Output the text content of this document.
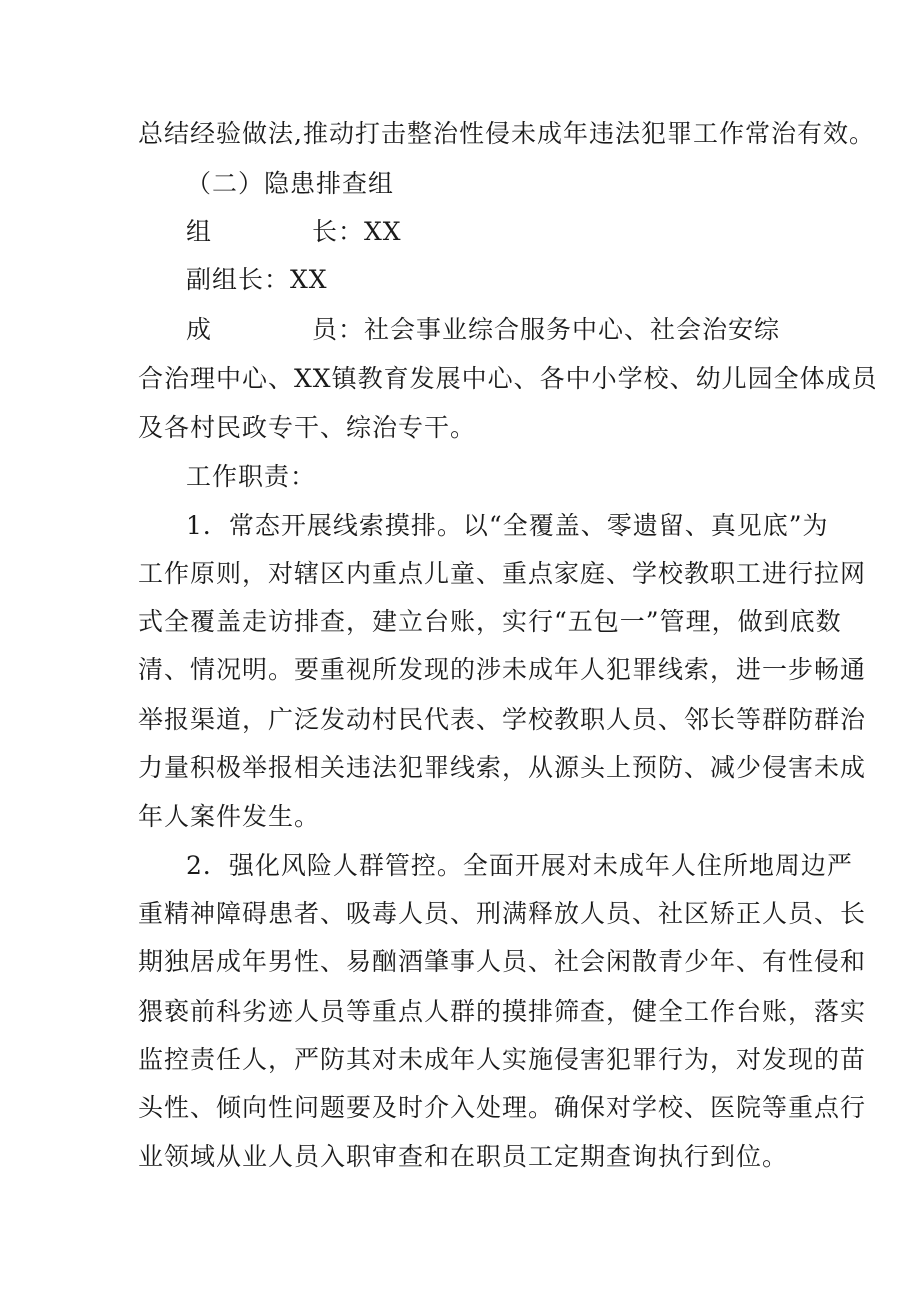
总结经验做法,推动打击整治性侵未成年违法犯罪工作常治有效。
（二）隐患排查组
组	长：XX
副组长：XX
成	员：社会事业综合服务中心、社会治安综
合治理中心、XX镇教育发展中心、各中小学校、幼儿园全体成员
及各村民政专干、综治专干。
工作职责：
1．常态开展线索摸排。以“全覆盖、零遗留、真见底”为
工作原则，对辖区内重点儿童、重点家庭、学校教职工进行拉网
式全覆盖走访排查，建立台账，实行“五包一”管理，做到底数
清、情况明。要重视所发现的涉未成年人犯罪线索，进一步畅通
举报渠道，广泛发动村民代表、学校教职人员、邻长等群防群治
力量积极举报相关违法犯罪线索，从源头上预防、减少侵害未成
年人案件发生。
2．强化风险人群管控。全面开展对未成年人住所地周边严
重精神障碍患者、吸毒人员、刑满释放人员、社区矫正人员、长
期独居成年男性、易酗酒肇事人员、社会闲散青少年、有性侵和
猥亵前科劣迹人员等重点人群的摸排筛查，健全工作台账，落实
监控责任人，严防其对未成年人实施侵害犯罪行为，对发现的苗
头性、倾向性问题要及时介入处理。确保对学校、医院等重点行
业领域从业人员入职审查和在职员工定期查询执行到位。
